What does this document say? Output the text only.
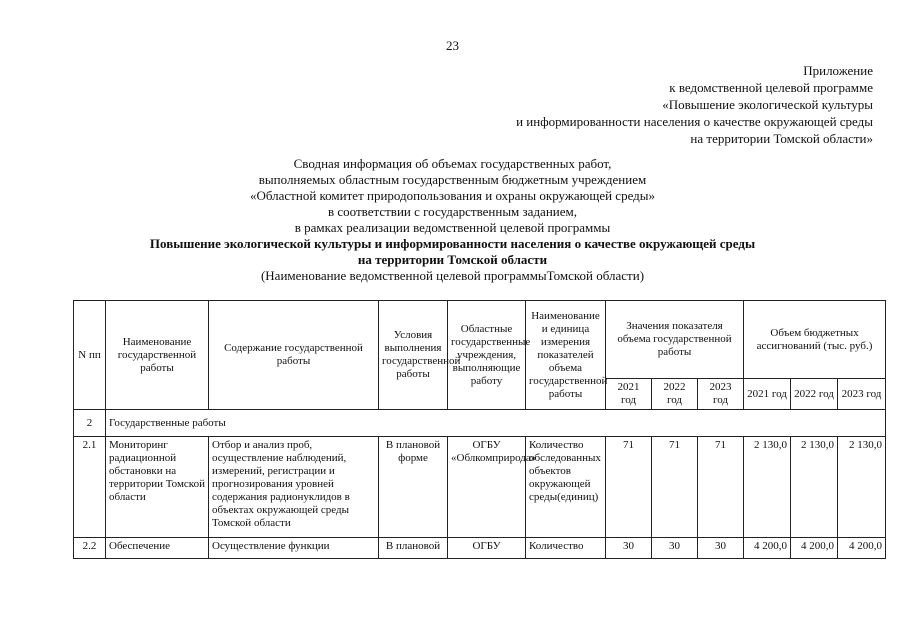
23
Приложение
к ведомственной целевой программе
«Повышение экологической культуры
и информированности населения о качестве окружающей среды
на территории Томской области»
Сводная информация об объемах государственных работ,
выполняемых областным государственным бюджетным учреждением
«Областной комитет природопользования и охраны окружающей среды»
в соответствии с государственным заданием,
в рамках реализации ведомственной целевой программы
Повышение экологической культуры и информированности населения о качестве окружающей среды
на территории Томской области
(Наименование ведомственной целевой программыТомской области)
N пп	Наименование государственной работы	Содержание государственной работы	Условия выполнения государственной работы	Областные государственные учреждения, выполняющие работу	Наименование и единица измерения показателей объема государственной работы	Значения показателя объема государственной работы			Объем бюджетных ассигнований (тыс. руб.)		
						2021 год	2022 год	2023 год	2021 год	2022 год	2023 год
2	Государственные работы										
2.1	Мониторинг радиационной обстановки на территории Томской области	Отбор и анализ проб, осуществление наблюдений, измерений, регистрации и прогнозирования уровней содержания радионуклидов в объектах окружающей среды Томской области	В плановой форме	ОГБУ «Облкомприрода»	Количество обследованных объектов окружающей среды(единиц)	71	71	71	2 130,0	2 130,0	2 130,0
2.2	Обеспечение	Осуществление функции	В плановой	ОГБУ	Количество	30	30	30	4 200,0	4 200,0	4 200,0
